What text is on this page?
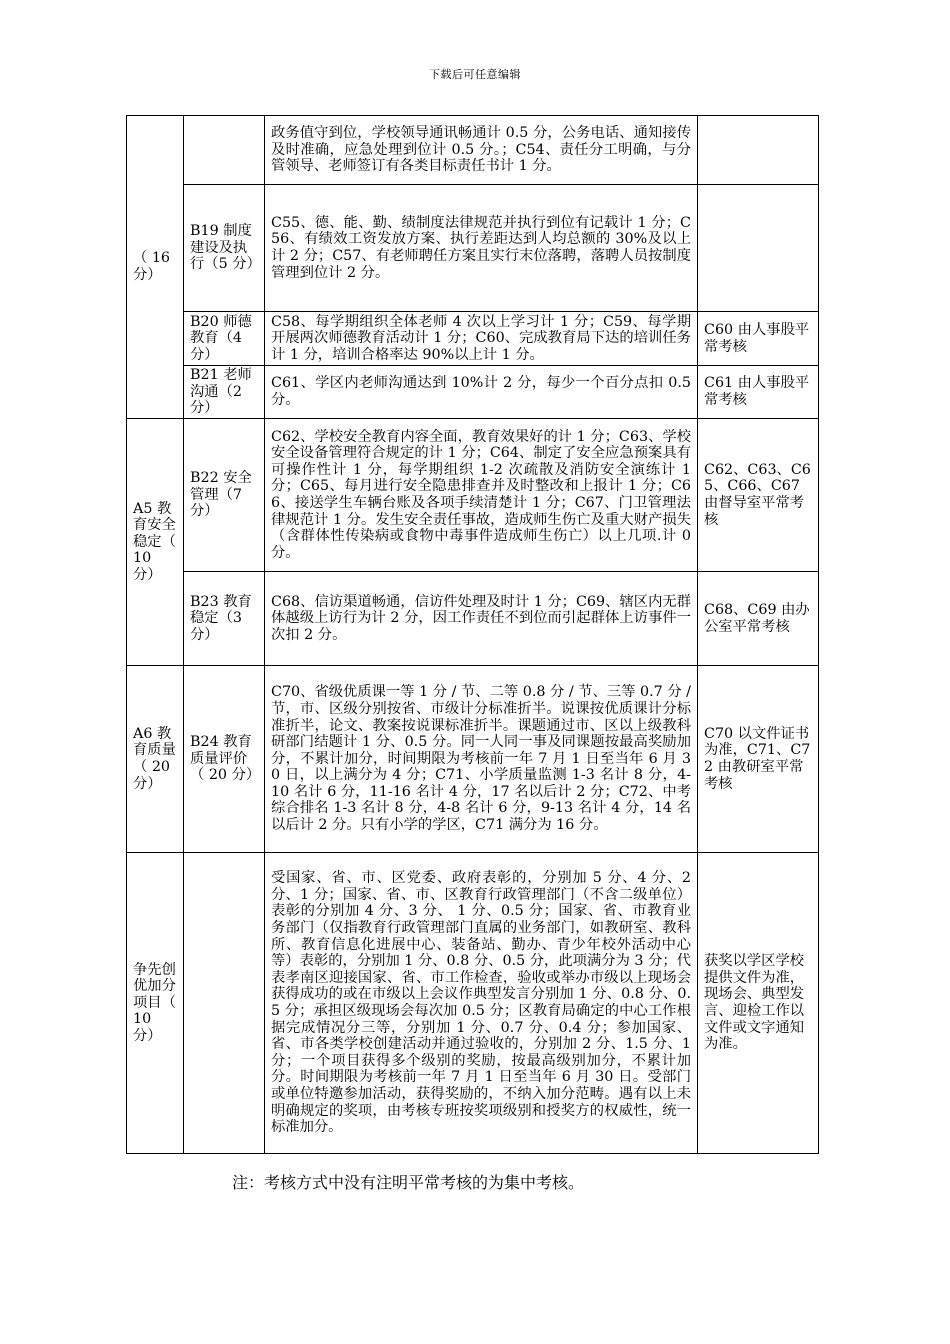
下载后可任意编辑
（ 16 分）		政务值守到位，学校领导通讯畅通计 0.5 分，公务电话、通知接传及时准确，应急处理到位计 0.5 分。；C54、责任分工明确，与分管领导、老师签订有各类目标责任书计 1 分。	
	B19 制度建设及执行（5 分）	C55、德、能、勤、绩制度法律规范并执行到位有记载计 1 分；C56、有绩效工资发放方案、执行差距达到人均总额的 30%及以上计 2 分；C57、有老师聘任方案且实行末位落聘，落聘人员按制度管理到位计 2 分。	
	B20 师德教育（4 分）	C58、每学期组织全体老师 4 次以上学习计 1 分；C59、每学期开展两次师德教育活动计 1 分；C60、完成教育局下达的培训任务计 1 分，培训合格率达 90%以上计 1 分。	C60 由人事股平常考核
	B21 老师沟通（2 分）	C61、学区内老师沟通达到 10%计 2 分，每少一个百分点扣 0.5 分。	C61 由人事股平常考核
A5 教育安全稳定（ 10 分）	B22 安全管理（7 分）	C62、学校安全教育内容全面，教育效果好的计 1 分；C63、学校安全设备管理符合规定的计 1 分；C64、制定了安全应急预案具有可操作性计 1 分，每学期组织 1-2 次疏散及消防安全演练计 1 分；C65、每月进行安全隐患排查并及时整改和上报计 1 分；C66、接送学生车辆台账及各项手续清楚计 1 分；C67、门卫管理法律规范计 1 分。发生安全责任事故，造成师生伤亡及重大财产损失（含群体性传染病或食物中毒事件造成师生伤亡）以上几项.计 0 分。	C62、C63、C65、C66、C67 由督导室平常考核
	B23 教育稳定（3 分）	C68、信访渠道畅通，信访件处理及时计 1 分；C69、辖区内无群体越级上访行为计 2 分，因工作责任不到位而引起群体上访事件一次扣 2 分。	C68、C69 由办公室平常考核
A6 教育质量（ 20 分）	B24 教育质量评价（ 20 分）	C70、省级优质课一等 1 分 / 节、二等 0.8 分 / 节、三等 0.7 分 / 节，市、区级分别按省、市级计分标准折半。说课按优质课计分标准折半，论文、教案按说课标准折半。课题通过市、区以上级教科研部门结题计 1 分、0.5 分。同一人同一事及同课题按最高奖励加分，不累计加分，时间期限为考核前一年 7 月 1 日至当年 6 月 30 日，以上满分为 4 分；C71、小学质量监测 1-3 名计 8 分，4-10 名计 6 分，11-16 名计 4 分，17 名以后计 2 分；C72、中考综合排名 1-3 名计 8 分，4-8 名计 6 分，9-13 名计 4 分，14 名以后计 2 分。只有小学的学区，C71 满分为 16 分。	C70 以文件证书为准，C71、C72 由教研室平常考核
争先创优加分项目（ 10 分）		受国家、省、市、区党委、政府表彰的，分别加 5 分、4 分、2 分、1 分；国家、省、市、区教育行政管理部门（不含二级单位）表彰的分别加 4 分、3 分、 1 分、0.5 分；国家、省、市教育业务部门（仅指教育行政管理部门直属的业务部门，如教研室、教科所、教育信息化进展中心、装备站、勤办、青少年校外活动中心等）表彰的，分别加 1 分、0.8 分、0.5 分，此项满分为 3 分；代表孝南区迎接国家、省、市工作检查，验收或举办市级以上现场会获得成功的或在市级以上会议作典型发言分别加 1 分、0.8 分、0.5 分；承担区级现场会每次加 0.5 分；区教育局确定的中心工作根据完成情况分三等，分别加 1 分、0.7 分、0.4 分；参加国家、省、市各类学校创建活动并通过验收的，分别加 2 分、1.5 分、1 分；一个项目获得多个级别的奖励，按最高级别加分，不累计加分。时间期限为考核前一年 7 月 1 日至当年 6 月 30 日。受部门或单位特邀参加活动，获得奖励的，不纳入加分范畴。遇有以上未明确规定的奖项，由考核专班按奖项级别和授奖方的权威性，统一标准加分。	获奖以学区学校提供文件为准，现场会、典型发言、迎检工作以文件或文字通知为准。
注：考核方式中没有注明平常考核的为集中考核。
